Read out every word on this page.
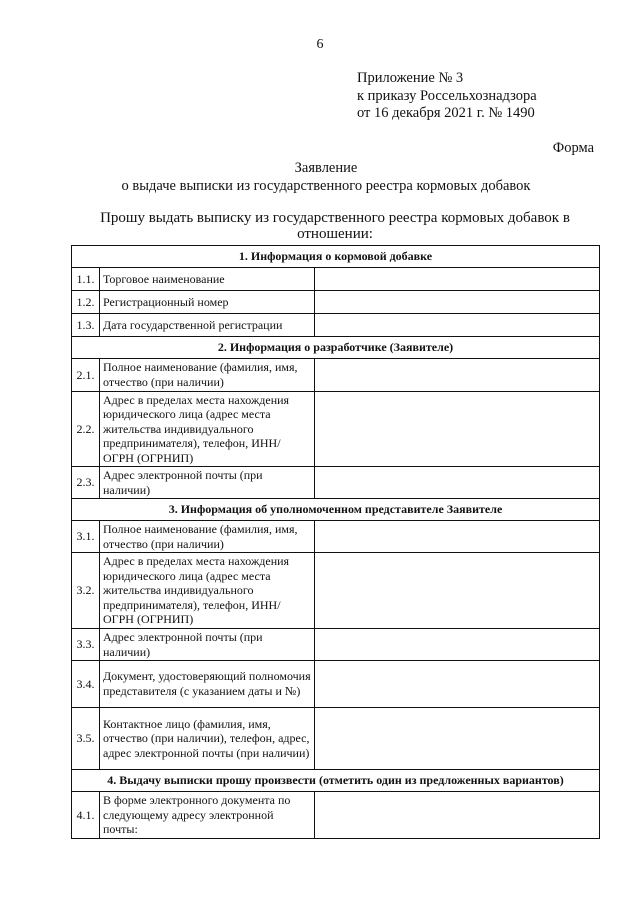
6
Приложение № 3
к приказу Россельхознадзора
от 16 декабря 2021 г. № 1490
Форма
Заявление
о выдаче выписки из государственного реестра кормовых добавок
Прошу выдать выписку из государственного реестра кормовых добавок в отношении:
1. Информация о кормовой добавке		
1.1.	Торговое наименование	
1.2.	Регистрационный номер	
1.3.	Дата государственной регистрации	
2. Информация о разработчике (Заявителе)		
2.1.	Полное наименование (фамилия, имя, отчество (при наличии)	
2.2.	Адрес в пределах места нахождения юридического лица (адрес места жительства индивидуального предпринимателя), телефон, ИНН/ОГРН (ОГРНИП)	
2.3.	Адрес электронной почты (при наличии)	
3. Информация об уполномоченном представителе Заявителе		
3.1.	Полное наименование (фамилия, имя, отчество (при наличии)	
3.2.	Адрес в пределах места нахождения юридического лица (адрес места жительства индивидуального предпринимателя), телефон, ИНН/ОГРН (ОГРНИП)	
3.3.	Адрес электронной почты (при наличии)	
3.4.	Документ, удостоверяющий полномочия представителя (с указанием даты и №)	
3.5.	Контактное лицо (фамилия, имя, отчество (при наличии), телефон, адрес, адрес электронной почты (при наличии)	
4. Выдачу выписки прошу произвести (отметить один из предложенных вариантов)		
4.1.	В форме электронного документа по следующему адресу электронной почты:	
